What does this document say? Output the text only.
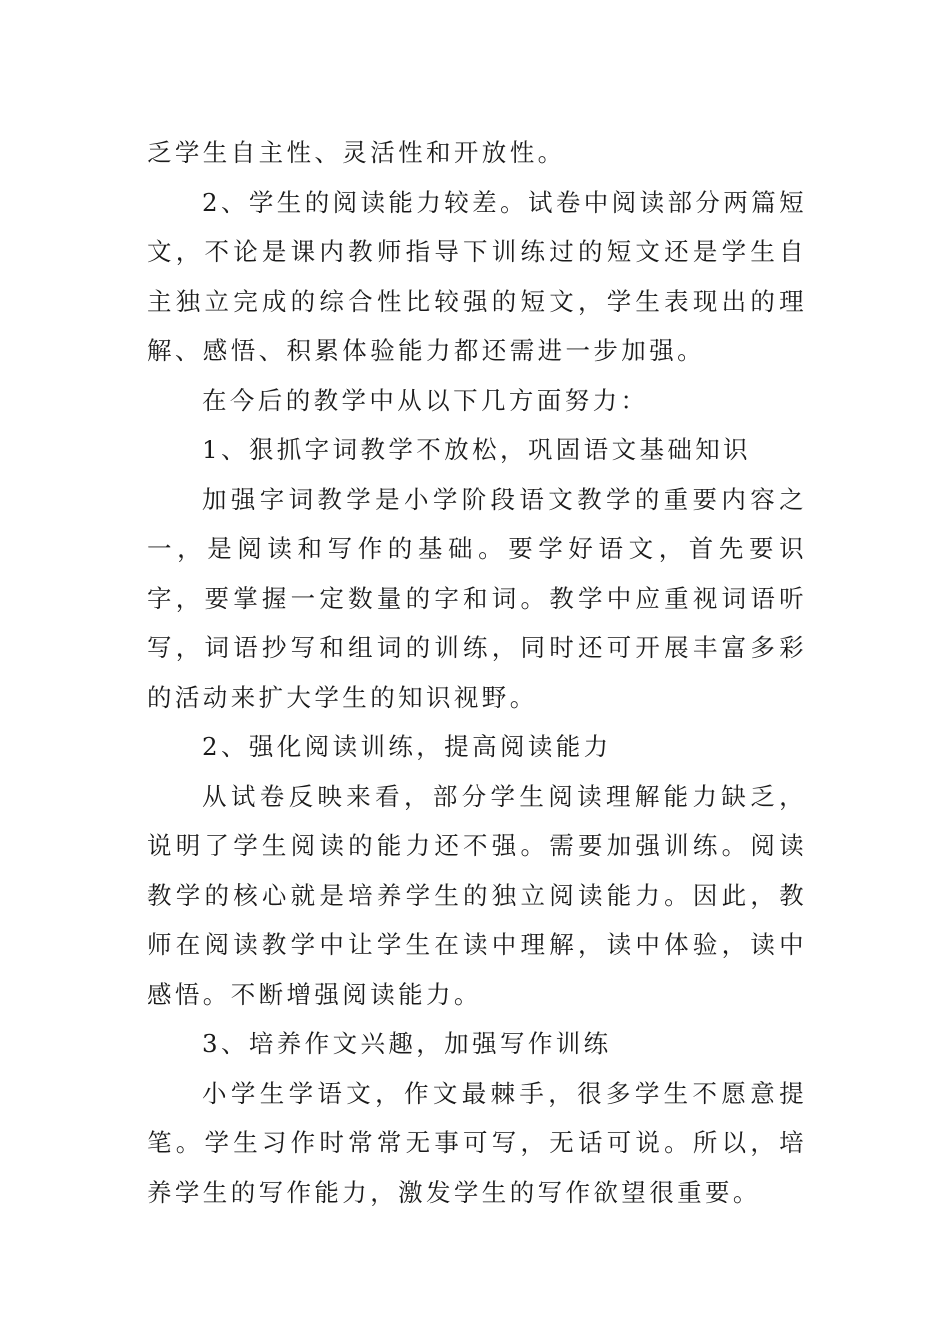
乏学生自主性、灵活性和开放性。

2、学生的阅读能力较差。试卷中阅读部分两篇短文，不论是课内教师指导下训练过的短文还是学生自主独立完成的综合性比较强的短文，学生表现出的理解、感悟、积累体验能力都还需进一步加强。

在今后的教学中从以下几方面努力：

1、狠抓字词教学不放松，巩固语文基础知识

加强字词教学是小学阶段语文教学的重要内容之一，是阅读和写作的基础。要学好语文，首先要识字，要掌握一定数量的字和词。教学中应重视词语听写，词语抄写和组词的训练，同时还可开展丰富多彩的活动来扩大学生的知识视野。

2、强化阅读训练，提高阅读能力

从试卷反映来看，部分学生阅读理解能力缺乏，说明了学生阅读的能力还不强。需要加强训练。阅读教学的核心就是培养学生的独立阅读能力。因此，教师在阅读教学中让学生在读中理解，读中体验，读中感悟。不断增强阅读能力。

3、培养作文兴趣，加强写作训练

小学生学语文，作文最棘手，很多学生不愿意提笔。学生习作时常常无事可写，无话可说。所以，培养学生的写作能力，激发学生的写作欲望很重要。
